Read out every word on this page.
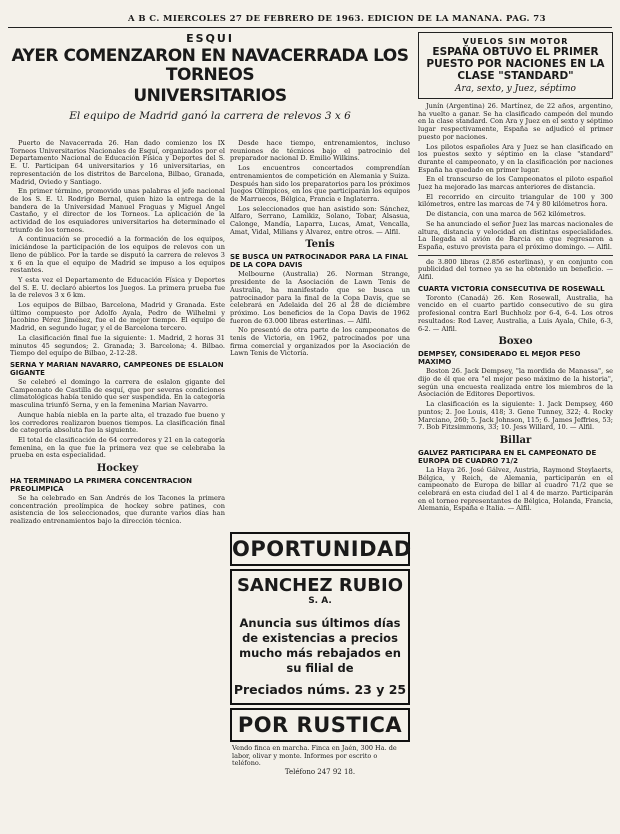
A B C. MIERCOLES 27 DE FEBRERO DE 1963. EDICION DE LA MAÑANA. PAG. 73
ESQUI
AYER COMENZARON EN NAVACERRADA LOS TORNEOS
UNIVERSITARIOS
El equipo de Madrid ganó la carrera de relevos 3 x 6

Puerto de Navacerrada 26. Han dado comienzo los IX Torneos Universitarios Nacionales de Esquí, organizados por el Departamento Nacional de Educación Física y Deportes del S. E. U. Participan 64 universitarios y 16 universitarias, en representación de los distritos de Barcelona, Bilbao, Granada, Madrid, Oviedo y Santiago.

En primer término, promovido unas palabras el jefe nacional de los S. E. U. Rodrigo Bernal, quien hizo la entrega de la bandera de la Universidad Manuel Fraguas y Miguel Angel Castaño, y el director de los Torneos. La aplicación de la actividad de los esquiadores universitarios ha determinado el triunfo de los torneos.

A continuación se procedió a la formación de los equipos, iniciándose la participación de los equipos de relevos con un lleno de público. Por la tarde se disputó la carrera de relevos 3 x 6 en la que el equipo de Madrid se impuso a los equipos restantes.

Y esta vez el Departamento de Educación Física y Deportes del S. E. U. declaró abiertos los Juegos. La primera prueba fue la de relevos 3 x 6 km.

Los equipos de Bilbao, Barcelona, Madrid y Granada. Este último compuesto por Adolfo Ayala, Pedro de Wilhelmi y Jacobino Pérez Jiménez, fue el de mejor tiempo. El equipo de Madrid, en segundo lugar, y el de Barcelona tercero.

La clasificación final fue la siguiente: 1. Madrid, 2 horas 31 minutos 45 segundos; 2. Granada; 3. Barcelona; 4. Bilbao. Tiempo del equipo de Bilbao, 2-12-28.

SERNA Y MARIAN NAVARRO, CAMPEONES DE ESLALON GIGANTE

Se celebró el domingo la carrera de eslalon gigante del Campeonato de Castilla de esquí, que por severas condiciones climatológicas había tenido que ser suspendida. En la categoría masculina triunfó Serna, y en la femenina Marian Navarro.

Aunque había niebla en la parte alta, el trazado fue bueno y los corredores realizaron buenos tiempos. La clasificación final de categoría absoluta fue la siguiente.

El total de clasificación de 64 corredores y 21 en la categoría femenina, en la que fue la primera vez que se celebraba la prueba en esta especialidad.

Hockey
HA TERMINADO LA PRIMERA CONCENTRACION PREOLIMPICA

Se ha celebrado en San Andrés de los Tacones la primera concentración preolímpica de hockey sobre patines, con asistencia de los seleccionados, que durante varios días han realizado entrenamientos bajo la dirección técnica.

Desde hace tiempo, entrenamientos, incluso reuniones de técnicos bajo el patrocinio del preparador nacional D. Emilio Wilkins.

Los encuentros concertados comprendían entrenamientos de competición en Alemania y Suiza. Después han sido los preparatorios para los próximos Juegos Olímpicos, en los que participarán los equipos de Marruecos, Bélgica, Francia e Inglaterra.

Los seleccionados que han asistido son: Sánchez, Alfaro, Serrano, Lamikiz, Solano, Tobar, Alsasua, Calonge, Mandía, Laparra, Lucas, Amat, Vencalla, Amat, Vidal, Milians y Alvarez, entre otros. — Alfil.

Tenis
SE BUSCA UN PATROCINADOR PARA LA FINAL DE LA COPA DAVIS

Melbourne (Australia) 26. Norman Strange, presidente de la Asociación de Lawn Tenis de Australia, ha manifestado que se busca un patrocinador para la final de la Copa Davis, que se celebrará en Adelaida del 26 al 28 de diciembre próximo. Los beneficios de la Copa Davis de 1962 fueron de 63.000 libras esterlinas. — Alfil.

No presentó de otra parte de los campeonatos de tenis de Victoria, en 1962, patrocinados por una firma comercial y organizados por la Asociación de Lawn Tenis de Victoria.

OPORTUNIDAD
SANCHEZ RUBIO
S. A.
Anuncia sus últimos días de existencias a precios mucho más rebajados en su filial de
Preciados núms. 23 y 25
POR RUSTICA
Vendo finca en marcha. Finca en Jaén, 300 Ha. de labor, olivar y monte. Informes por escrito o teléfono.
Teléfono 247 92 18.
VUELOS SIN MOTOR
ESPAÑA OBTUVO EL PRIMER PUESTO POR NACIONES EN LA CLASE "STANDARD"
Ara, sexto, y Juez, séptimo

Junín (Argentina) 26. Martínez, de 22 años, argentino, ha vuelto a ganar. Se ha clasificado campeón del mundo en la clase standard. Con Ara y Juez en el sexto y séptimo lugar respectivamente, España se adjudicó el primer puesto por naciones.

Los pilotos españoles Ara y Juez se han clasificado en los puestos sexto y séptimo en la clase "standard" durante el campeonato, y en la clasificación por naciones España ha quedado en primer lugar.

En el transcurso de los Campeonatos el piloto español Juez ha mejorado las marcas anteriores de distancia.

El recorrido en circuito triangular de 100 y 300 kilómetros, entre las marcas de 74 y 80 kilómetros hora.

De distancia, con una marca de 562 kilómetros.

Se ha anunciado el señor Juez las marcas nacionales de altura, distancia y velocidad en distintas especialidades. La llegada al avión de Barcia en que regresaron a España, estuvo prevista para el próximo domingo. — Alfil.

de 3.800 libras (2.856 esterlinas), y en conjunto con publicidad del torneo ya se ha obtenido un beneficio. — Alfil.

CUARTA VICTORIA CONSECUTIVA DE ROSEWALL

Toronto (Canadá) 26. Ken Rosewall, Australia, ha vencido en el cuarto partido consecutivo de su gira profesional contra Earl Buchholz por 6-4, 6-4. Los otros resultados: Rod Laver, Australia, a Luis Ayala, Chile, 6-3, 6-2. — Alfil.

Boxeo
DEMPSEY, CONSIDERADO EL MEJOR PESO MAXIMO

Boston 26. Jack Dempsey, "la mordida de Manassa", se dijo de él que era "el mejor peso máximo de la historia", según una encuesta realizada entre los miembros de la Asociación de Editores Deportivos.

La clasificación es la siguiente: 1. Jack Dempsey, 460 puntos; 2. Joe Louis, 418; 3. Gene Tunney, 322; 4. Rocky Marciano, 260; 5. Jack Johnson, 115; 6. James Jeffries, 53; 7. Bob Fitzsimmons, 33; 10. Jess Willard, 10. — Alfil.

Billar
GALVEZ PARTICIPARA EN EL CAMPEONATO DE EUROPA DE CUADRO 71/2

La Haya 26. José Gálvez, Austria, Raymond Steylaerts, Bélgica, y Reich, de Alemania, participarán en el campeonato de Europa de billar al cuadro 71/2 que se celebrará en esta ciudad del 1 al 4 de marzo. Participarán en el torneo representantes de Bélgica, Holanda, Francia, Alemania, España e Italia. — Alfil.
